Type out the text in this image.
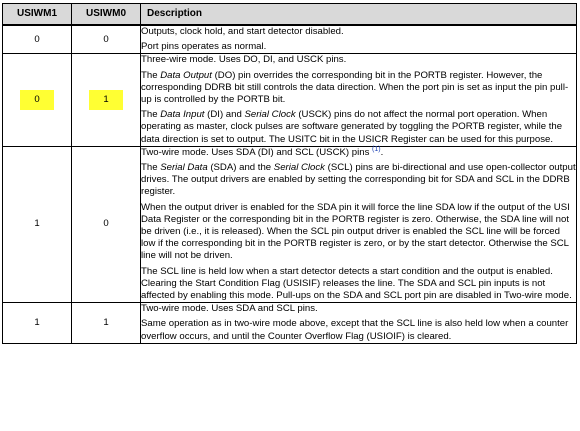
USIWM1	USIWM0	Description
0	0	Outputs, clock hold, and start detector disabled.

Port pins operates as normal.

0	1	Three-wire mode. Uses DO, DI, and USCK pins.

The Data Output (DO) pin overrides the corresponding bit in the PORTB register. However, the corresponding DDRB bit still controls the data direction. When the port pin is set as input the pin pull-up is controlled by the PORTB bit.

The Data Input (DI) and Serial Clock (USCK) pins do not affect the normal port operation. When operating as master, clock pulses are software generated by toggling the PORTB register, while the data direction is set to output. The USITC bit in the USICR Register can be used for this purpose.

1	0	Two-wire mode. Uses SDA (DI) and SCL (USCK) pins $^{(1)}$.

The Serial Data (SDA) and the Serial Clock (SCL) pins are bi-directional and use open-collector output drives. The output drivers are enabled by setting the corresponding bit for SDA and SCL in the DDRB register.

When the output driver is enabled for the SDA pin it will force the line SDA low if the output of the USI Data Register or the corresponding bit in the PORTB register is zero. Otherwise, the SDA line will not be driven (i.e., it is released). When the SCL pin output driver is enabled the SCL line will be forced low if the corresponding bit in the PORTB register is zero, or by the start detector. Otherwise the SCL line will not be driven.

The SCL line is held low when a start detector detects a start condition and the output is enabled. Clearing the Start Condition Flag (USISIF) releases the line. The SDA and SCL pin inputs is not affected by enabling this mode. Pull-ups on the SDA and SCL port pin are disabled in Two-wire mode.

1	1	Two-wire mode. Uses SDA and SCL pins.

Same operation as in two-wire mode above, except that the SCL line is also held low when a counter overflow occurs, and until the Counter Overflow Flag (USIOIF) is cleared.
